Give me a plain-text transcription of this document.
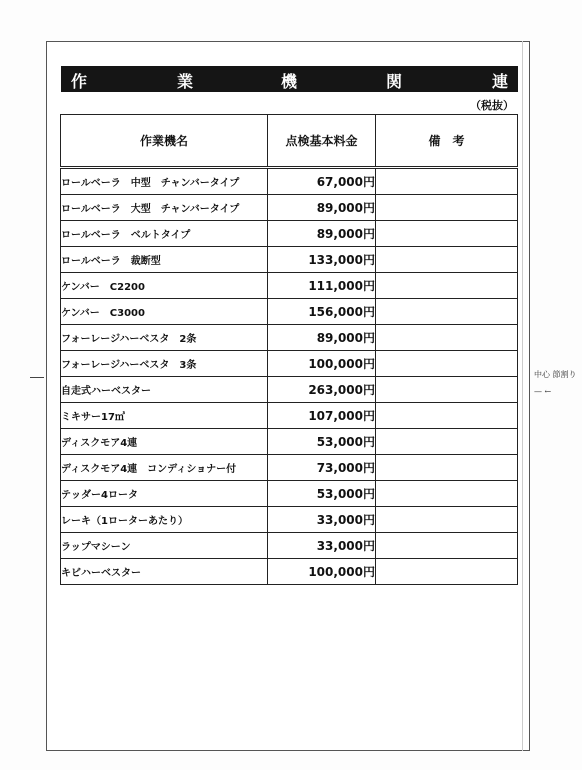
作	業	機	関	連
（税抜）
作業機名	点検基本料金	備　考
ロールベーラ　中型　チャンバータイプ	67,000円	
ロールベーラ　大型　チャンバータイプ	89,000円	
ロールベーラ　ベルトタイプ	89,000円	
ロールベーラ　裁断型	133,000円	
ケンバー　C2200	111,000円	
ケンバー　C3000	156,000円	
フォーレージハーベスタ　2条	89,000円	
フォーレージハーベスタ　3条	100,000円	
自走式ハーベスター	263,000円	
ミキサー17㎥	107,000円	
ディスクモア4連	53,000円	
ディスクモア4連　コンディショナー付	73,000円	
テッダー4ロータ	53,000円	
レーキ（1ローターあたり）	33,000円	
ラップマシーン	33,000円	
キビハーベスター	100,000円	
中心 節割り
— ←
